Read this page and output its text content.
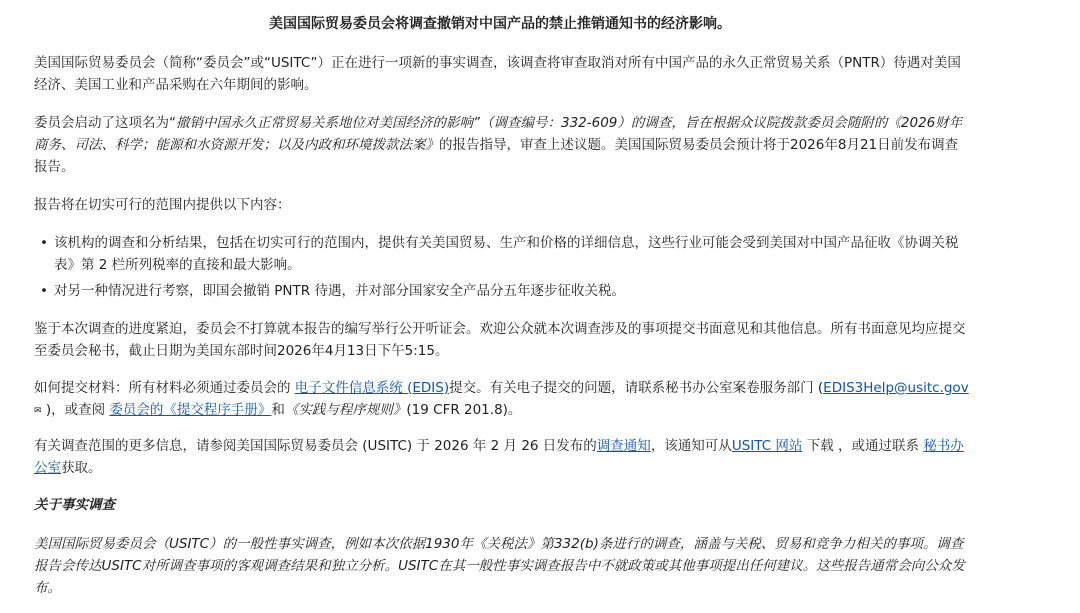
美国国际贸易委员会将调查撤销对中国产品的禁止推销通知书的经济影响。

美国国际贸易委员会（简称“委员会”或“USITC”）正在进行一项新的事实调查，该调查将审查取消对所有中国产品的永久正常贸易关系（PNTR）待遇对美国经济、美国工业和产品采购在六年期间的影响。

委员会启动了这项名为“撤销中国永久正常贸易关系地位对美国经济的影响”（调查编号：332-609）的调查，旨在根据众议院拨款委员会随附的《2026财年商务、司法、科学；能源和水资源开发；以及内政和环境拨款法案》的报告指导，审查上述议题。美国国际贸易委员会预计将于2026年8月21日前发布调查报告。

报告将在切实可行的范围内提供以下内容：

• 该机构的调查和分析结果，包括在切实可行的范围内，提供有关美国贸易、生产和价格的详细信息，这些行业可能会受到美国对中国产品征收《协调关税表》第 2 栏所列税率的直接和最大影响。
• 对另一种情况进行考察，即国会撤销 PNTR 待遇，并对部分国家安全产品分五年逐步征收关税。

鉴于本次调查的进度紧迫，委员会不打算就本报告的编写举行公开听证会。欢迎公众就本次调查涉及的事项提交书面意见和其他信息。所有书面意见均应提交至委员会秘书，截止日期为美国东部时间2026年4月13日下午5:15。

如何提交材料：所有材料必须通过委员会的 电子文件信息系统 (EDIS)提交。有关电子提交的问题，请联系秘书办公室案卷服务部门 (EDIS3Help@usitc.gov✉ )，或查阅 委员会的《提交程序手册》和《实践与程序规则》(19 CFR 201.8)。

有关调查范围的更多信息，请参阅美国国际贸易委员会 (USITC) 于 2026 年 2 月 26 日发布的调查通知，该通知可从USITC 网站 下载 ，或通过联系 秘书办公室获取。

关于事实调查

美国国际贸易委员会（USITC）的一般性事实调查，例如本次依据1930年《关税法》第332(b)条进行的调查，涵盖与关税、贸易和竞争力相关的事项。调查报告会传达USITC对所调查事项的客观调查结果和独立分析。USITC在其一般性事实调查报告中不就政策或其他事项提出任何建议。这些报告通常会向公众发布。
